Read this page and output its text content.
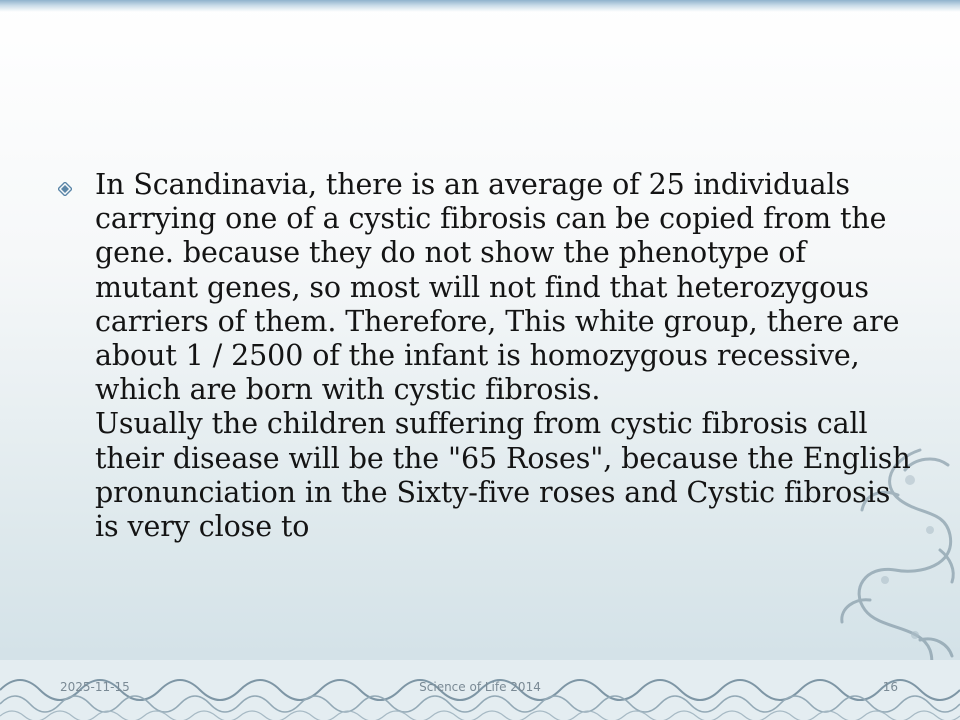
In Scandinavia, there is an average of 25 individuals carrying one of a cystic fibrosis can be copied from the gene. because they do not show the phenotype of mutant genes, so most will not find that heterozygous carriers of them. Therefore, This white group, there are about 1 / 2500 of the infant is homozygous recessive, which are born with cystic fibrosis.
Usually the children suffering from cystic fibrosis call their disease will be the "65 Roses", because the English pronunciation in the Sixty-five roses and Cystic fibrosis is very close to
2025-11-15	Science of Life 2014	16
